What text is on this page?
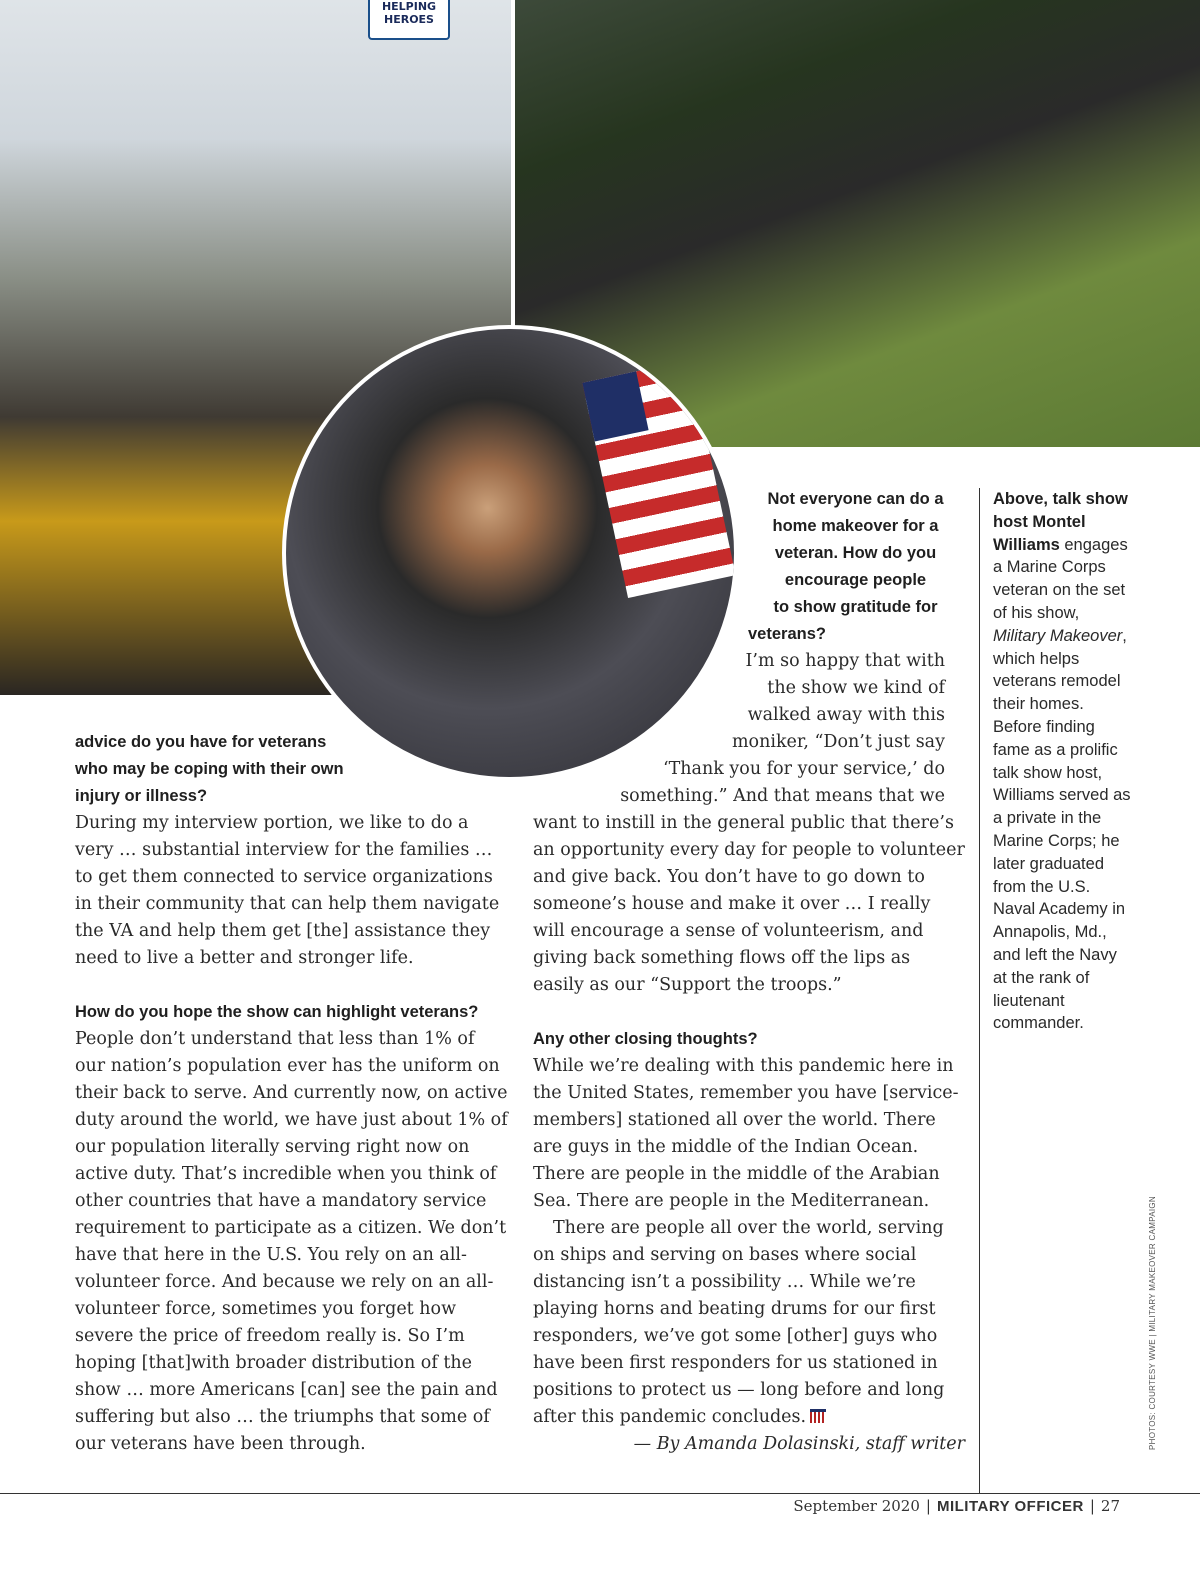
HELPING
HEROES
advice do you have for veterans
who may be coping with their own
injury or illness?

During my interview portion, we like to do a very … substantial interview for the families … to get them connected to service organizations in their community that can help them navigate the VA and help them get [the] assistance they need to live a better and stronger life.

How do you hope the show can highlight veterans?

People don’t understand that less than 1% of our nation’s population ever has the uniform on their back to serve. And currently now, on active duty around the world, we have just about 1% of our population literally serving right now on active duty. That’s incredible when you think of other countries that have a mandatory service requirement to participate as a citizen. We don’t have that here in the U.S. You rely on an all-volunteer force. And because we rely on an all-volunteer force, sometimes you forget how severe the price of freedom really is. So I’m hoping [that]with broader distribution of the show … more Americans [can] see the pain and suffering but also … the triumphs that some of our veterans have been through.

Not everyone can do a
home makeover for a
veteran. How do you
encourage people
to show gratitude for
veterans?
I’m so happy that with
the show we kind of
walked away with this
moniker, “Don’t just say
‘Thank you for your service,’ do
something.” And that means that we

want to instill in the general public that there’s an opportunity every day for people to volunteer and give back. You don’t have to go down to someone’s house and make it over … I really will encourage a sense of volunteerism, and giving back something flows off the lips as easily as our “Support the troops.”

Any other closing thoughts?

While we’re dealing with this pandemic here in the United States, remember you have [service-members] stationed all over the world. There are guys in the middle of the Indian Ocean. There are people in the middle of the Arabian Sea. There are people in the Mediterranean.

There are people all over the world, serving on ships and serving on bases where social distancing isn’t a possibility … While we’re playing horns and beating drums for our first responders, we’ve got some [other] guys who have been first responders for us stationed in positions to protect us — long before and long after this pandemic concludes.

— By Amanda Dolasinski, staff writer

Above, talk show host Montel Williams engages a Marine Corps veteran on the set of his show, Military Makeover, which helps veterans remodel their homes. Before finding fame as a prolific talk show host, Williams served as a private in the Marine Corps; he later graduated from the U.S. Naval Academy in Annapolis, Md., and left the Navy at the rank of lieutenant commander.
PHOTOS: COURTESY WWE | MILITARY MAKEOVER CAMPAIGN
September 2020 | MILITARY OFFICER | 27
